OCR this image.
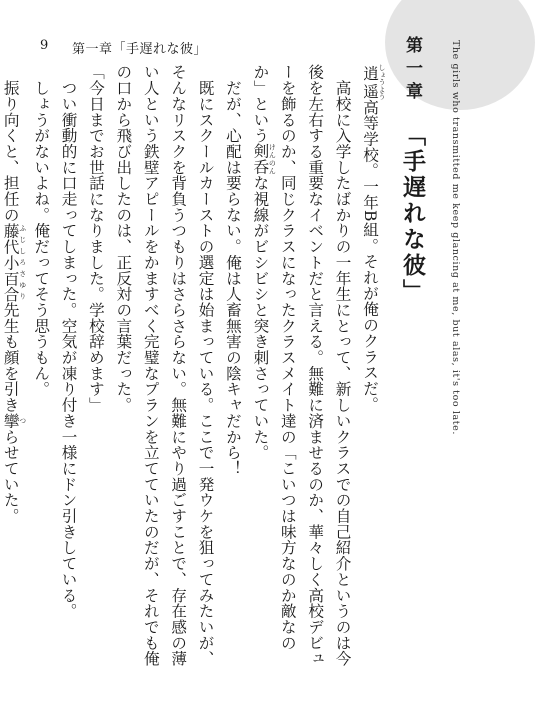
9 第一章「手遅れな彼」	第一章 「手遅れな彼」	The girls who transmitted me keep glancing at me, but alas, it's too late.

逍遥 しょうよう高等学校。一年B組。それが俺のクラスだ。

　高校に入学したばかりの一年生にとって、新しいクラスでの自己紹介というのは今後を左右する重要なイベントだと言える。無難に済ませるのか、華々しく高校デビューを飾るのか、同じクラスになったクラスメイト達の「こいつは味方なのか敵なのか」という剣呑 けんのんな視線がビシビシと突き刺さっていた。

　だが、心配は要らない。俺は人畜無害の陰キャだから！

　既にスクールカーストの選定は始まっている。ここで一発ウケを狙ってみたいが、そんなリスクを背負うつもりはさらさらない。無難にやり過ごすことで、存在感の薄い人という鉄壁アピールをかますべく完璧なプランを立てていたのだが、それでも俺の口から飛び出したのは、正反対の言葉だった。

「今日までお世話になりました。学校辞めます」

　つい衝動的に口走ってしまった。空気が凍り付き一様にドン引きしている。

　しょうがないよね。俺だってそう思うもん。

　振り向くと、担任の藤代小百合 ふじしろさゆり先生も顔を引き攣 つらせていた。
